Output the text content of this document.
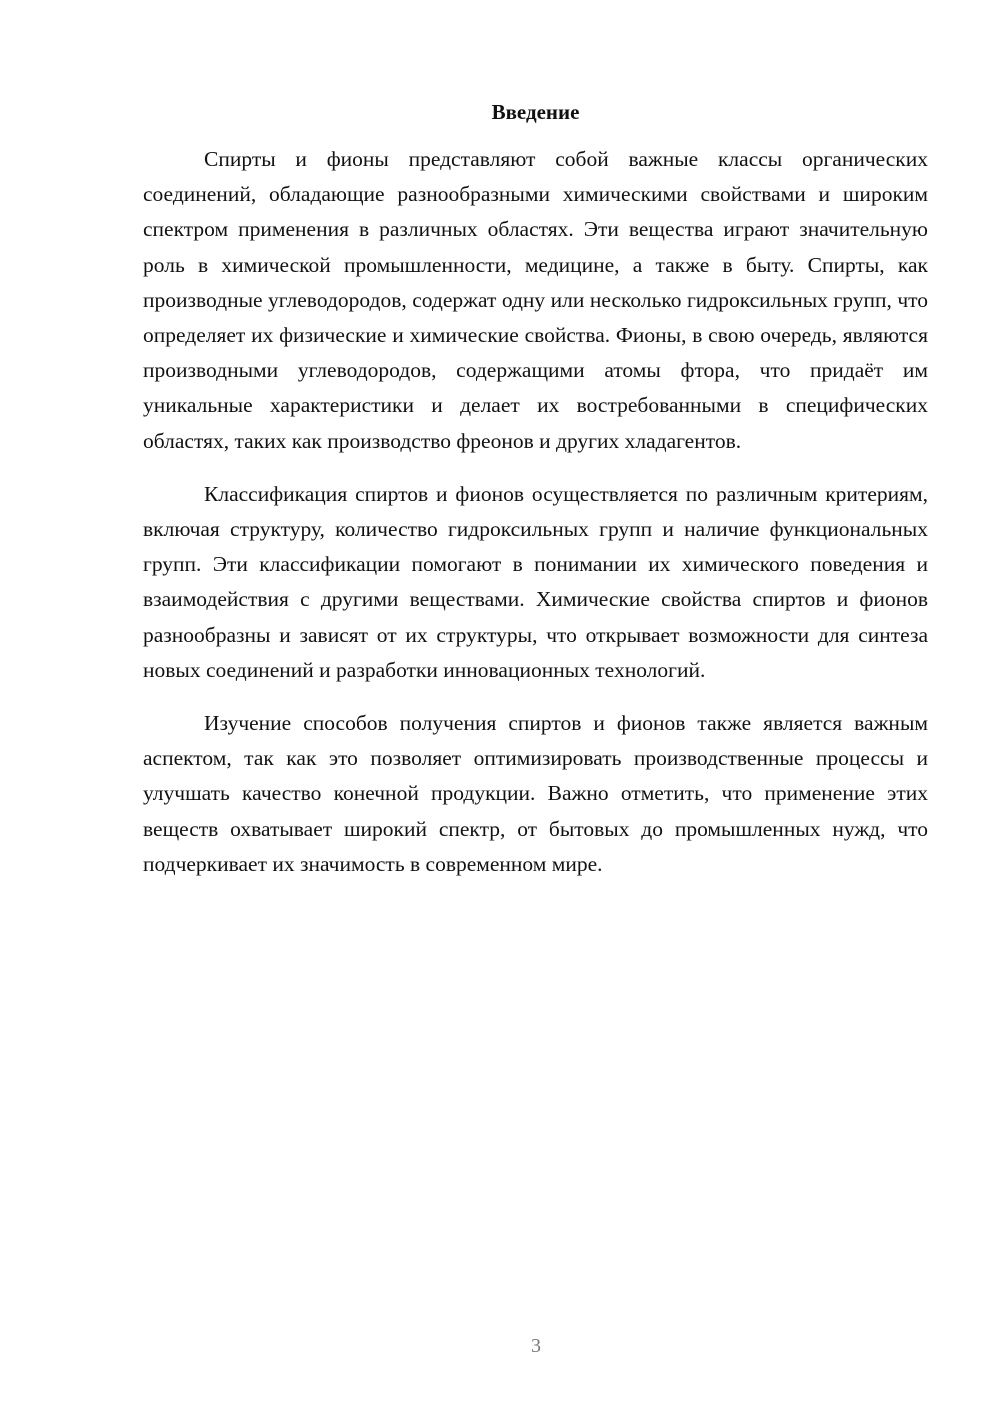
Введение

Спирты и фионы представляют собой важные классы органических соединений, обладающие разнообразными химическими свойствами и широким спектром применения в различных областях. Эти вещества играют значительную роль в химической промышленности, медицине, а также в быту. Спирты, как производные углеводородов, содержат одну или несколько гидроксильных групп, что определяет их физические и химические свойства. Фионы, в свою очередь, являются производными углеводородов, содержащими атомы фтора, что придаёт им уникальные характеристики и делает их востребованными в специфических областях, таких как производство фреонов и других хладагентов.

Классификация спиртов и фионов осуществляется по различным критериям, включая структуру, количество гидроксильных групп и наличие функциональных групп. Эти классификации помогают в понимании их химического поведения и взаимодействия с другими веществами. Химические свойства спиртов и фионов разнообразны и зависят от их структуры, что открывает возможности для синтеза новых соединений и разработки инновационных технологий.

Изучение способов получения спиртов и фионов также является важным аспектом, так как это позволяет оптимизировать производственные процессы и улучшать качество конечной продукции. Важно отметить, что применение этих веществ охватывает широкий спектр, от бытовых до промышленных нужд, что подчеркивает их значимость в современном мире.

3
